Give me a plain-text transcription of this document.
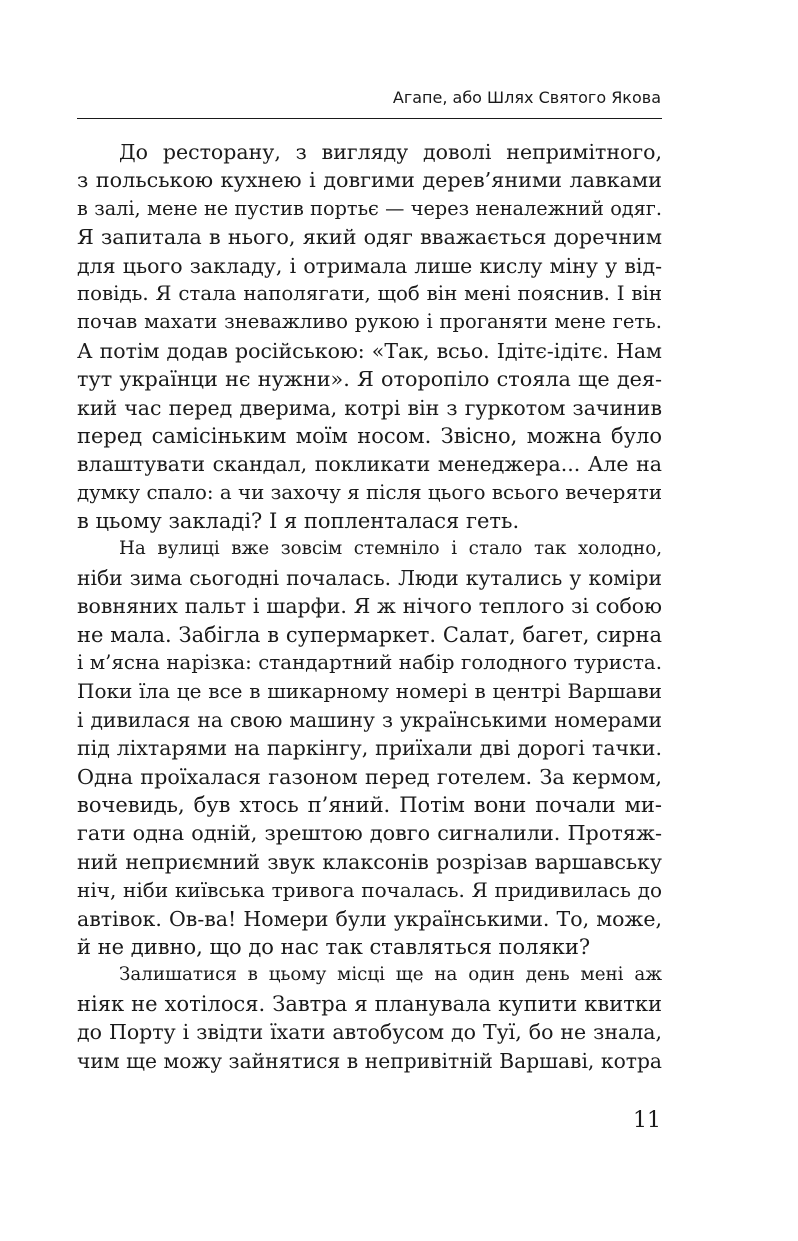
Агапе, або Шлях Святого Якова
До ресторану, з вигляду доволі непримітного,
з польською кухнею і довгими дерев’яними лавками
в залі, мене не пустив портьє — через неналежний одяг.
Я запитала в нього, який одяг вважається доречним
для цього закладу, і отримала лише кислу міну у від-
повідь. Я стала наполягати, щоб він мені пояснив. І він
почав махати зневажливо рукою і проганяти мене геть.
А потім додав російською: «Так, всьо. Ідітє-ідітє. Нам
тут українци нє нужни». Я оторопіло стояла ще дея-
кий час перед дверима, котрі він з гуркотом зачинив
перед самісіньким моїм носом. Звісно, можна було
влаштувати скандал, покликати менеджера... Але на
думку спало: а чи захочу я після цього всього вечеряти
в цьому закладі? І я попленталася геть.
На вулиці вже зовсім стемніло і стало так холодно,
ніби зима сьогодні почалась. Люди кутались у коміри
вовняних пальт і шарфи. Я ж нічого теплого зі собою
не мала. Забігла в супермаркет. Салат, багет, сирна
і м’ясна нарізка: стандартний набір голодного туриста.
Поки їла це все в шикарному номері в центрі Варшави
і дивилася на свою машину з українськими номерами
під ліхтарями на паркінгу, приїхали дві дорогі тачки.
Одна проїхалася газоном перед готелем. За кермом,
вочевидь, був хтось п’яний. Потім вони почали ми-
гати одна одній, зрештою довго сигналили. Протяж-
ний неприємний звук клаксонів розрізав варшавську
ніч, ніби київська тривога почалась. Я придивилась до
автівок. Ов-ва! Номери були українськими. То, може,
й не дивно, що до нас так ставляться поляки?
Залишатися в цьому місці ще на один день мені аж
ніяк не хотілося. Завтра я планувала купити квитки
до Порту і звідти їхати автобусом до Туї, бо не знала,
чим ще можу зайнятися в непривітній Варшаві, котра
11
